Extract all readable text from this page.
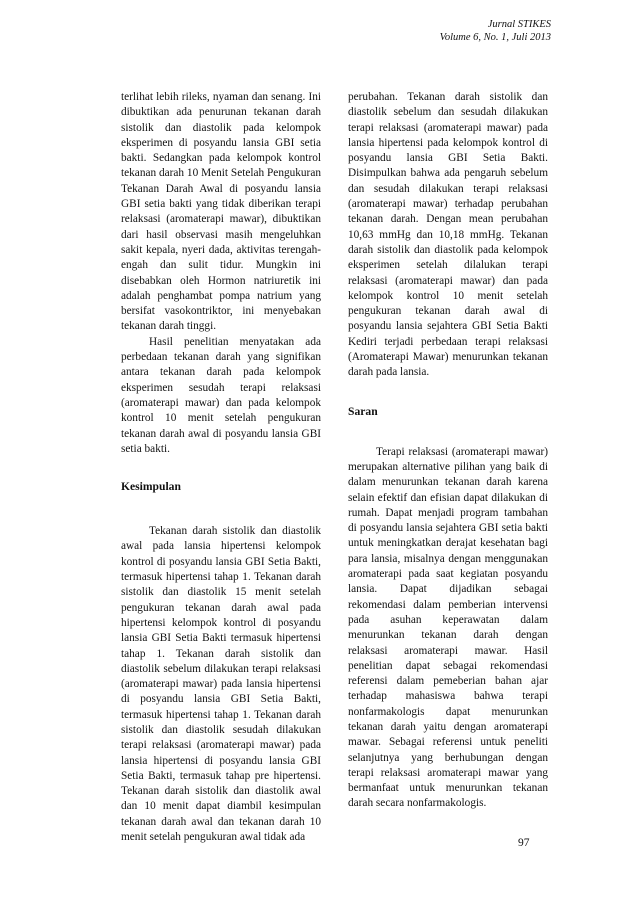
Jurnal STIKES
Volume 6, No. 1, Juli 2013

terlihat lebih rileks, nyaman dan senang. Ini dibuktikan ada penurunan tekanan darah sistolik dan diastolik pada kelompok eksperimen di posyandu lansia GBI setia bakti. Sedangkan pada kelompok kontrol tekanan darah 10 Menit Setelah Pengukuran Tekanan Darah Awal di posyandu lansia GBI setia bakti yang tidak diberikan terapi relaksasi (aromaterapi mawar), dibuktikan dari hasil observasi masih mengeluhkan sakit kepala, nyeri dada, aktivitas terengah-engah dan sulit tidur. Mungkin ini disebabkan oleh Hormon natriuretik ini adalah penghambat pompa natrium yang bersifat vasokontriktor, ini menyebakan tekanan darah tinggi.

Hasil penelitian menyatakan ada perbedaan tekanan darah yang signifikan antara tekanan darah pada kelompok eksperimen sesudah terapi relaksasi (aromaterapi mawar) dan pada kelompok kontrol 10 menit setelah pengukuran tekanan darah awal di posyandu lansia GBI setia bakti.

Kesimpulan

Tekanan darah sistolik dan diastolik awal pada lansia hipertensi kelompok kontrol di posyandu lansia GBI Setia Bakti, termasuk hipertensi tahap 1. Tekanan darah sistolik dan diastolik 15 menit setelah pengukuran tekanan darah awal pada hipertensi kelompok kontrol di posyandu lansia GBI Setia Bakti termasuk hipertensi tahap 1. Tekanan darah sistolik dan diastolik sebelum dilakukan terapi relaksasi (aromaterapi mawar) pada lansia hipertensi di posyandu lansia GBI Setia Bakti, termasuk hipertensi tahap 1. Tekanan darah sistolik dan diastolik sesudah dilakukan terapi relaksasi (aromaterapi mawar) pada lansia hipertensi di posyandu lansia GBI Setia Bakti, termasuk tahap pre hipertensi. Tekanan darah sistolik dan diastolik awal dan 10 menit dapat diambil kesimpulan tekanan darah awal dan tekanan darah 10 menit setelah pengukuran awal tidak ada

perubahan. Tekanan darah sistolik dan diastolik sebelum dan sesudah dilakukan terapi relaksasi (aromaterapi mawar) pada lansia hipertensi pada kelompok kontrol di posyandu lansia GBI Setia Bakti. Disimpulkan bahwa ada pengaruh sebelum dan sesudah dilakukan terapi relaksasi (aromaterapi mawar) terhadap perubahan tekanan darah. Dengan mean perubahan 10,63 mmHg dan 10,18 mmHg. Tekanan darah sistolik dan diastolik pada kelompok eksperimen setelah dilalukan terapi relaksasi (aromaterapi mawar) dan pada kelompok kontrol 10 menit setelah pengukuran tekanan darah awal di posyandu lansia sejahtera GBI Setia Bakti Kediri terjadi perbedaan terapi relaksasi (Aromaterapi Mawar) menurunkan tekanan darah pada lansia.

Saran

Terapi relaksasi (aromaterapi mawar) merupakan alternative pilihan yang baik di dalam menurunkan tekanan darah karena selain efektif dan efisian dapat dilakukan di rumah. Dapat menjadi program tambahan di posyandu lansia sejahtera GBI setia bakti untuk meningkatkan derajat kesehatan bagi para lansia, misalnya dengan menggunakan aromaterapi pada saat kegiatan posyandu lansia. Dapat dijadikan sebagai rekomendasi dalam pemberian intervensi pada asuhan keperawatan dalam menurunkan tekanan darah dengan relaksasi aromaterapi mawar. Hasil penelitian dapat sebagai rekomendasi referensi dalam pemeberian bahan ajar terhadap mahasiswa bahwa terapi nonfarmakologis dapat menurunkan tekanan darah yaitu dengan aromaterapi mawar. Sebagai referensi untuk peneliti selanjutnya yang berhubungan dengan terapi relaksasi aromaterapi mawar yang bermanfaat untuk menurunkan tekanan darah secara nonfarmakologis.

97
